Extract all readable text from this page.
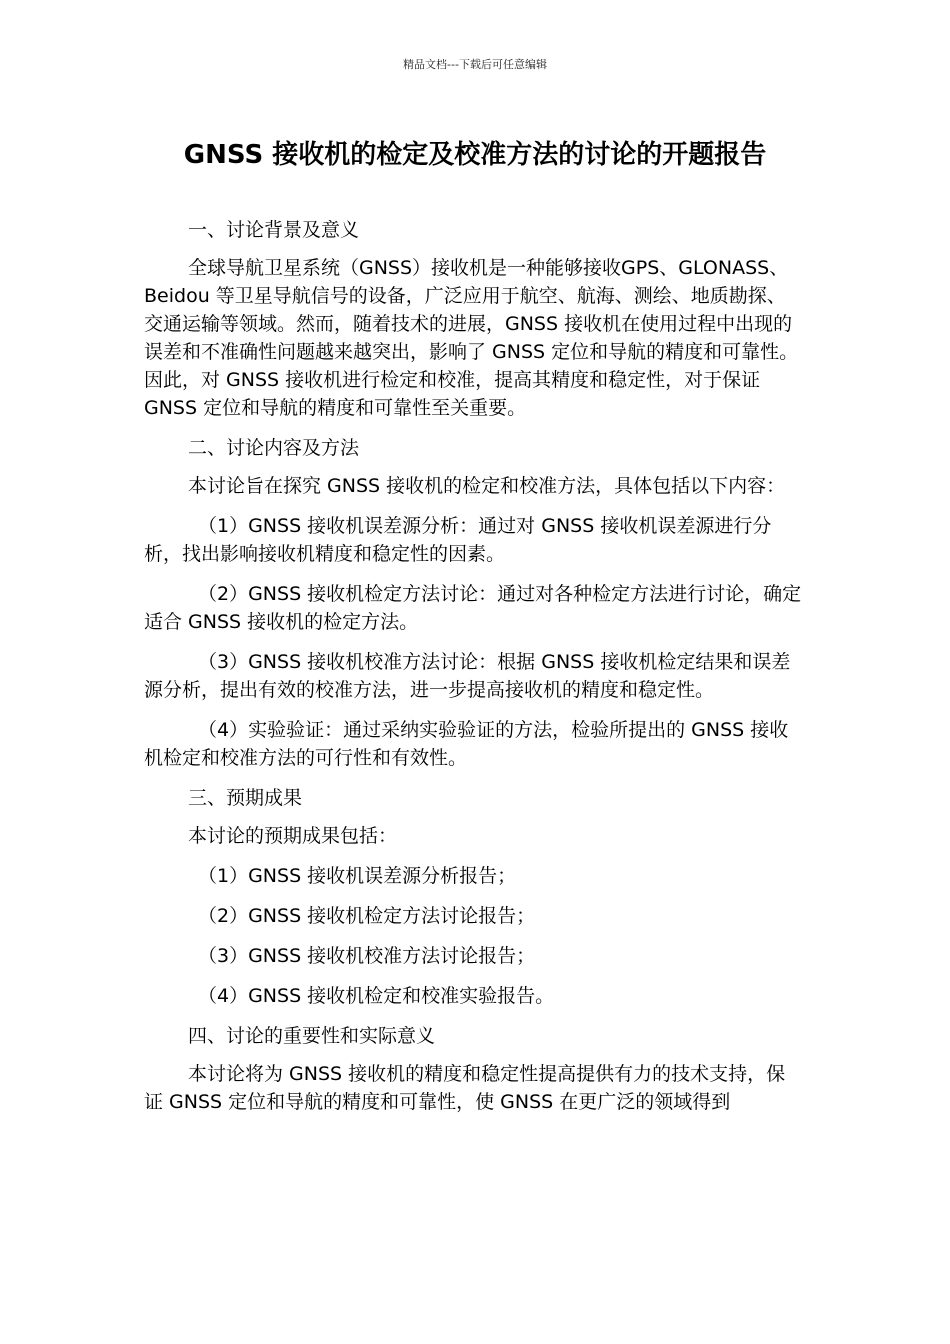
精品文档---下载后可任意编辑
GNSS 接收机的检定及校准方法的讨论的开题报告

一、讨论背景及意义

全球导航卫星系统（GNSS）接收机是一种能够接收GPS、GLONASS、Beidou 等卫星导航信号的设备，广泛应用于航空、航海、测绘、地质勘探、交通运输等领域。然而，随着技术的进展，GNSS 接收机在使用过程中出现的误差和不准确性问题越来越突出，影响了 GNSS 定位和导航的精度和可靠性。因此，对 GNSS 接收机进行检定和校准，提高其精度和稳定性，对于保证 GNSS 定位和导航的精度和可靠性至关重要。

二、讨论内容及方法

本讨论旨在探究 GNSS 接收机的检定和校准方法，具体包括以下内容：

（1）GNSS 接收机误差源分析：通过对 GNSS 接收机误差源进行分析，找出影响接收机精度和稳定性的因素。

（2）GNSS 接收机检定方法讨论：通过对各种检定方法进行讨论，确定适合 GNSS 接收机的检定方法。

（3）GNSS 接收机校准方法讨论：根据 GNSS 接收机检定结果和误差源分析，提出有效的校准方法，进一步提高接收机的精度和稳定性。

（4）实验验证：通过采纳实验验证的方法，检验所提出的 GNSS 接收机检定和校准方法的可行性和有效性。

三、预期成果

本讨论的预期成果包括：

（1）GNSS 接收机误差源分析报告；

（2）GNSS 接收机检定方法讨论报告；

（3）GNSS 接收机校准方法讨论报告；

（4）GNSS 接收机检定和校准实验报告。

四、讨论的重要性和实际意义

本讨论将为 GNSS 接收机的精度和稳定性提高提供有力的技术支持，保证 GNSS 定位和导航的精度和可靠性，使 GNSS 在更广泛的领域得到
